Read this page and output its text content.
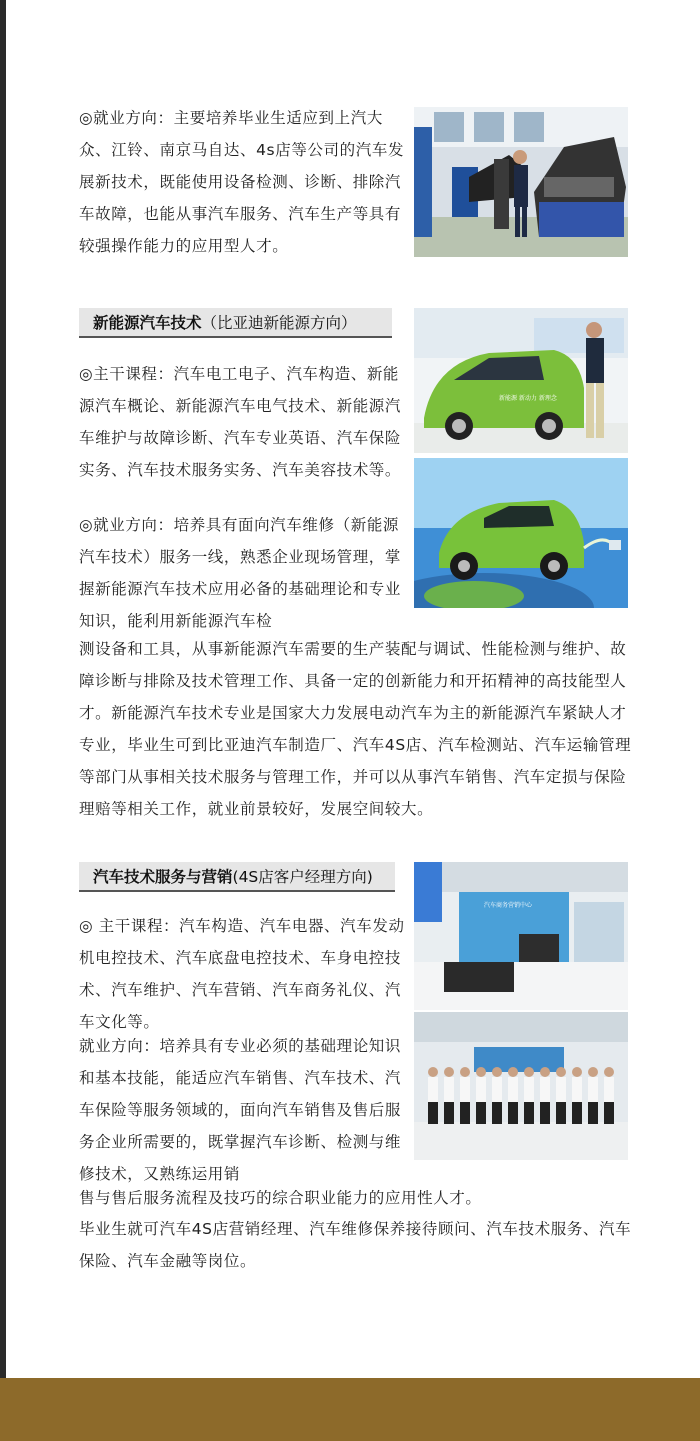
◎就业方向：主要培养毕业生适应到上汽大众、江铃、南京马自达、4s店等公司的汽车发展新技术，既能使用设备检测、诊断、排除汽车故障，也能从事汽车服务、汽车生产等具有较强操作能力的应用型人才。

新能源汽车技术 （比亚迪新能源方向）
新能源 新动力 新理念

◎主干课程：汽车电工电子、汽车构造、新能源汽车概论、新能源汽车电气技术、新能源汽车维护与故障诊断、汽车专业英语、汽车保险实务、汽车技术服务实务、汽车美容技术等。

◎就业方向：培养具有面向汽车维修（新能源汽车技术）服务一线，熟悉企业现场管理，掌握新能源汽车技术应用必备的基础理论和专业知识，能利用新能源汽车检

测设备和工具，从事新能源汽车需要的生产装配与调试、性能检测与维护、故障诊断与排除及技术管理工作、具备一定的创新能力和开拓精神的高技能型人才。新能源汽车技术专业是国家大力发展电动汽车为主的新能源汽车紧缺人才专业，毕业生可到比亚迪汽车制造厂、汽车4S店、汽车检测站、汽车运输管理等部门从事相关技术服务与管理工作，并可以从事汽车销售、汽车定损与保险理赔等相关工作，就业前景较好，发展空间较大。

汽车技术服务与营销 (4S店客户经理方向)
汽车商务营销中心

◎ 主干课程：汽车构造、汽车电器、汽车发动机电控技术、汽车底盘电控技术、车身电控技术、汽车维护、汽车营销、汽车商务礼仪、汽车文化等。

就业方向：培养具有专业必须的基础理论知识和基本技能，能适应汽车销售、汽车技术、汽车保险等服务领域的，面向汽车销售及售后服务企业所需要的，既掌握汽车诊断、检测与维修技术，又熟练运用销

售与售后服务流程及技巧的综合职业能力的应用性人才。

毕业生就可汽车4S店营销经理、汽车维修保养接待顾问、汽车技术服务、汽车保险、汽车金融等岗位。
